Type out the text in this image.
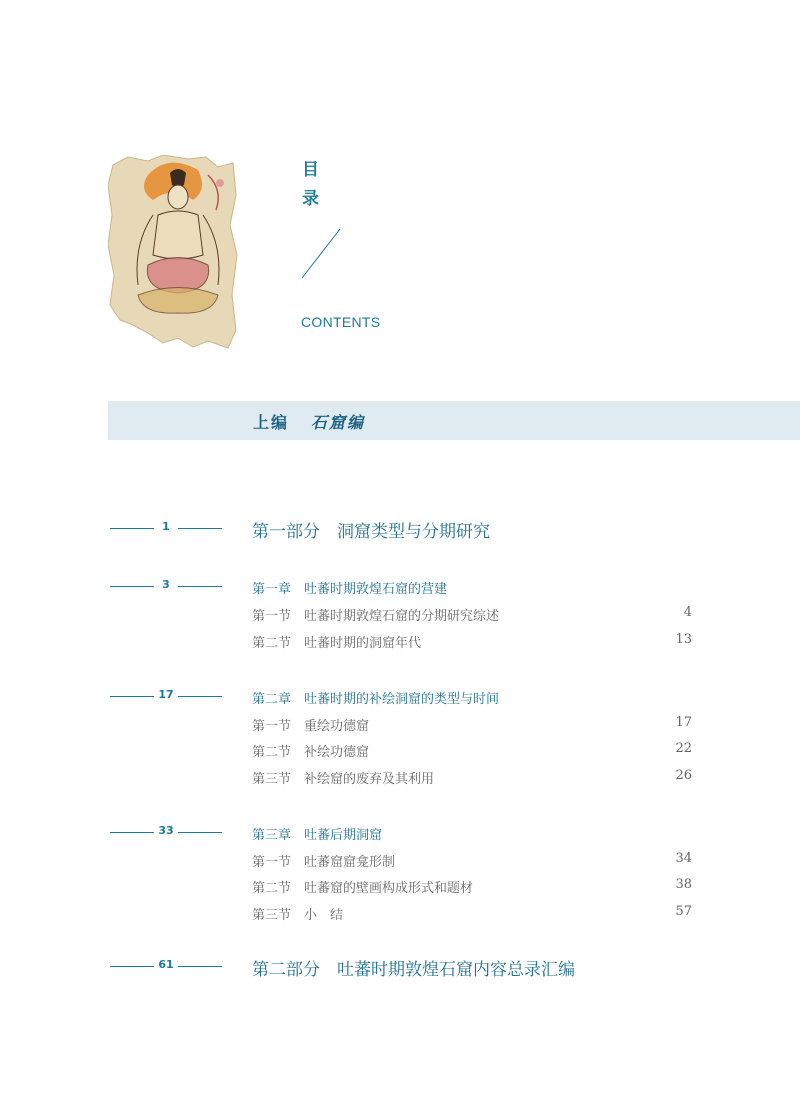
目
录
CONTENTS
上编 石窟编
1	第一部分　洞窟类型与分期研究
3	第一章　吐蕃时期敦煌石窟的营建
第一节　吐蕃时期敦煌石窟的分期研究综述	4
第二节　吐蕃时期的洞窟年代	13
17	第二章　吐蕃时期的补绘洞窟的类型与时间
第一节　重绘功德窟	17
第二节　补绘功德窟	22
第三节　补绘窟的废弃及其利用	26
33	第三章　吐蕃后期洞窟
第一节　吐蕃窟窟龛形制	34
第二节　吐蕃窟的壁画构成形式和题材	38
第三节　小　结	57
61	第二部分　吐蕃时期敦煌石窟内容总录汇编
